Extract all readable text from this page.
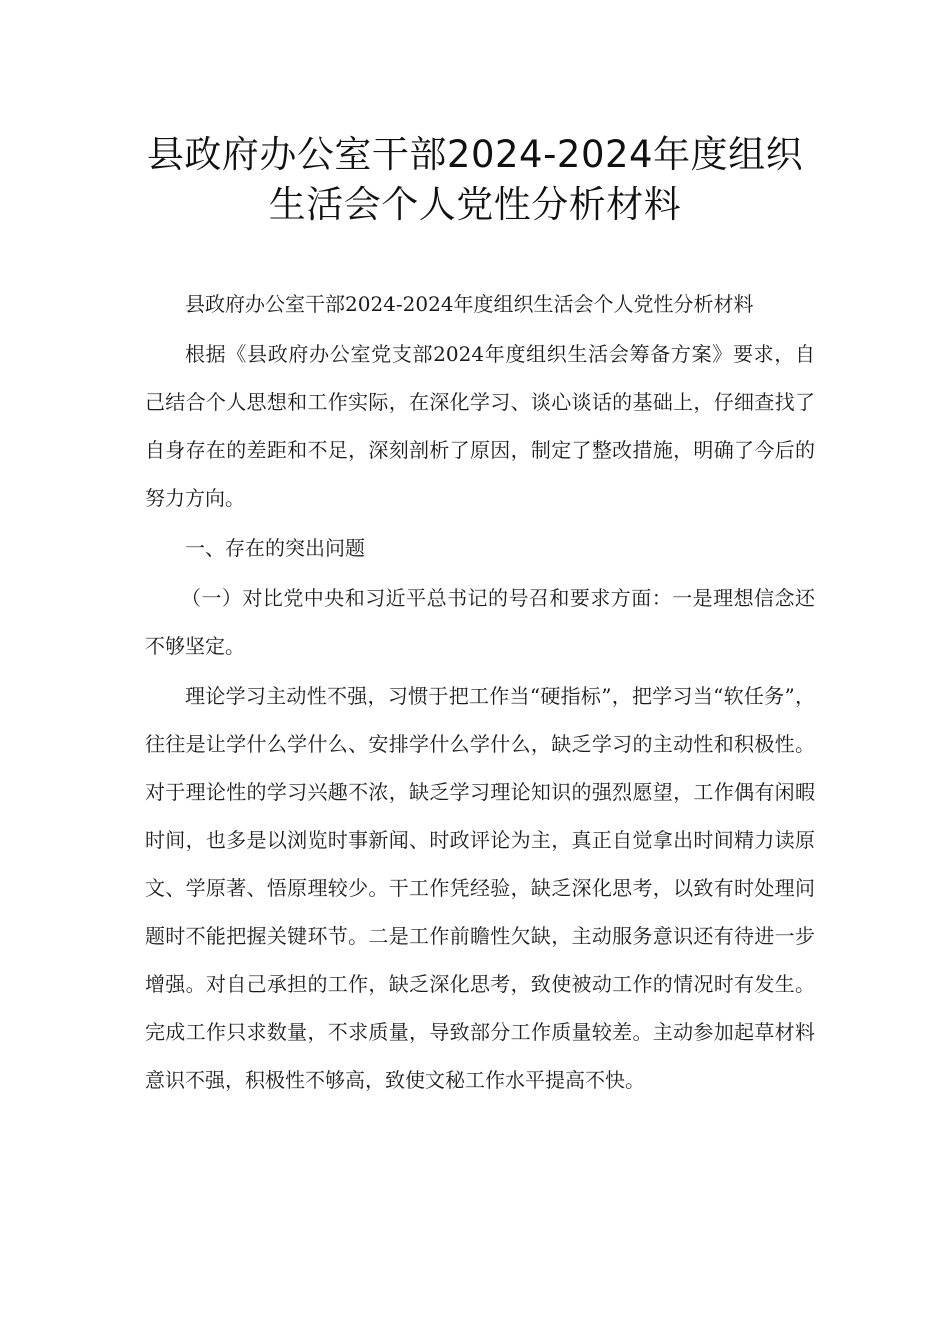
县政府办公室干部2024-2024年度组织
生活会个人党性分析材料

县政府办公室干部2024-2024年度组织生活会个人党性分析材料

根据《县政府办公室党支部2024年度组织生活会筹备方案》要求，自己结合个人思想和工作实际，在深化学习、谈心谈话的基础上，仔细查找了自身存在的差距和不足，深刻剖析了原因，制定了整改措施，明确了今后的努力方向。

一、存在的突出问题

（一）对比党中央和习近平总书记的号召和要求方面：一是理想信念还不够坚定。

理论学习主动性不强，习惯于把工作当“硬指标”，把学习当“软任务”，往往是让学什么学什么、安排学什么学什么，缺乏学习的主动性和积极性。对于理论性的学习兴趣不浓，缺乏学习理论知识的强烈愿望，工作偶有闲暇时间，也多是以浏览时事新闻、时政评论为主，真正自觉拿出时间精力读原文、学原著、悟原理较少。干工作凭经验，缺乏深化思考，以致有时处理问题时不能把握关键环节。二是工作前瞻性欠缺，主动服务意识还有待进一步增强。对自己承担的工作，缺乏深化思考，致使被动工作的情况时有发生。完成工作只求数量，不求质量，导致部分工作质量较差。主动参加起草材料意识不强，积极性不够高，致使文秘工作水平提高不快。
